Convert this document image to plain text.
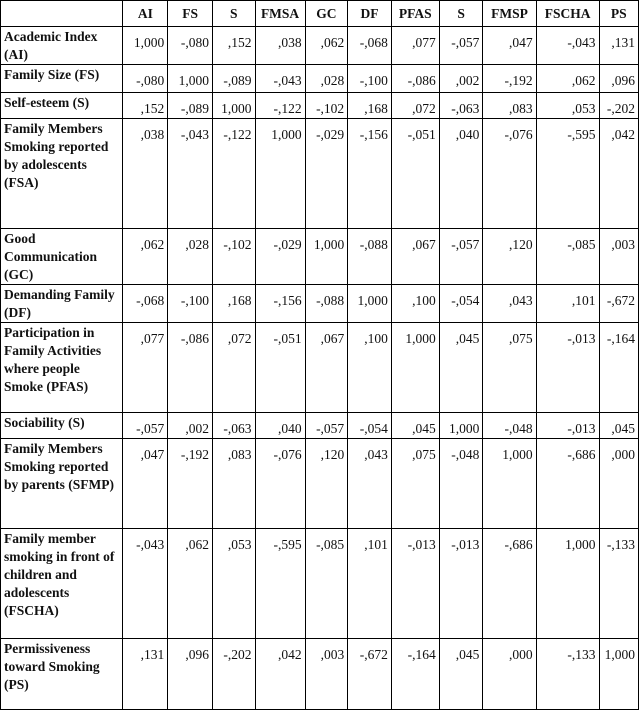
	AI	FS	S	FMSA	GC	DF	PFAS	S	FMSP	FSCHA	PS
Academic Index (AI)	1,000	-,080	,152	,038	,062	-,068	,077	-,057	,047	-,043	,131
Family Size (FS)	-,080	1,000	-,089	-,043	,028	-,100	-,086	,002	-,192	,062	,096
Self-esteem (S)	,152	-,089	1,000	-,122	-,102	,168	,072	-,063	,083	,053	-,202
Family Members Smoking reported by adolescents (FSA)	,038	-,043	-,122	1,000	-,029	-,156	-,051	,040	-,076	-,595	,042
Good Communication (GC)	,062	,028	-,102	-,029	1,000	-,088	,067	-,057	,120	-,085	,003
Demanding Family (DF)	-,068	-,100	,168	-,156	-,088	1,000	,100	-,054	,043	,101	-,672
Participation in Family Activities where people Smoke (PFAS)	,077	-,086	,072	-,051	,067	,100	1,000	,045	,075	-,013	-,164
Sociability (S)	-,057	,002	-,063	,040	-,057	-,054	,045	1,000	-,048	-,013	,045
Family Members Smoking reported by parents (SFMP)	,047	-,192	,083	-,076	,120	,043	,075	-,048	1,000	-,686	,000
Family member smoking in front of children and adolescents (FSCHA)	-,043	,062	,053	-,595	-,085	,101	-,013	-,013	-,686	1,000	-,133
Permissiveness toward Smoking (PS)	,131	,096	-,202	,042	,003	-,672	-,164	,045	,000	-,133	1,000
